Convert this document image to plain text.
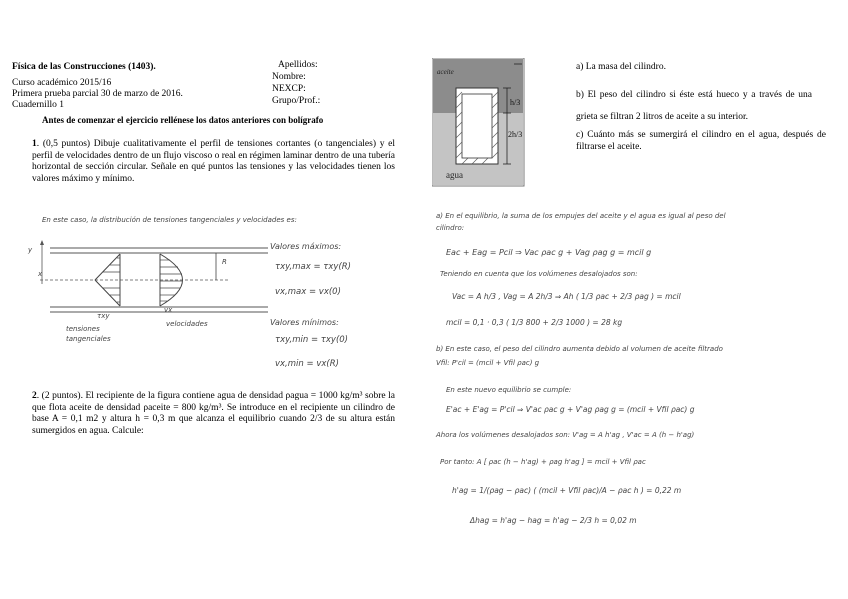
Física de las Construcciones (1403).
Curso académico 2015/16
Primera prueba parcial 30 de marzo de 2016.
Cuadernillo 1
Apellidos:
Nombre:
NEXCP:
Grupo/Prof.:
Antes de comenzar el ejercicio rellénese los datos anteriores con bolígrafo
1. (0,5 puntos) Dibuje cualitativamente el perfil de tensiones cortantes (o tangenciales) y el perfil de velocidades dentro de un flujo viscoso o real en régimen laminar dentro de una tubería horizontal de sección circular. Señale en qué puntos las tensiones y las velocidades tienen los valores máximo y mínimo.
En este caso, la distribución de tensiones tangenciales y velocidades es:
y
x
R
τxy
vx
tensiones tangenciales
velocidades
Valores máximos:
τxy,max = τxy(R)
vx,max = vx(0)
Valores mínimos:
τxy,min = τxy(0)
vx,min = vx(R)
2. (2 puntos). El recipiente de la figura contiene agua de densidad ρagua = 1000 kg/m³ sobre la que flota aceite de densidad ρaceite = 800 kg/m³. Se introduce en el recipiente un cilindro de base A = 0,1 m2 y altura h = 0,3 m que alcanza el equilibrio cuando 2/3 de su altura están sumergidos en agua. Calcule:
aceite
agua
h/3
2h/3
a) La masa del cilindro.
b) El peso del cilindro si éste está hueco y a través de una grieta se filtran 2 litros de aceite a su interior.
c) Cuánto más se sumergirá el cilindro en el agua, después de filtrarse el aceite.
a) En el equilibrio, la suma de los empujes del aceite y el agua es igual al peso del cilindro:
Eac + Eag = Pcil ⇒ Vac ρac g + Vag ρag g = mcil g
Teniendo en cuenta que los volúmenes desalojados son:
Vac = A h/3 , Vag = A 2h/3 ⇒ Ah ( 1/3 ρac + 2/3 ρag ) = mcil
mcil = 0,1 · 0,3 ( 1/3 800 + 2/3 1000 ) = 28 kg
b) En este caso, el peso del cilindro aumenta debido al volumen de aceite filtrado Vfil: P'cil = (mcil + Vfil ρac) g
En este nuevo equilibrio se cumple:
E'ac + E'ag = P'cil ⇒ V'ac ρac g + V'ag ρag g = (mcil + Vfil ρac) g
Ahora los volúmenes desalojados son: V'ag = A h'ag , V'ac = A (h − h'ag)
Por tanto: A [ ρac (h − h'ag) + ρag h'ag ] = mcil + Vfil ρac
h'ag = 1/(ρag − ρac) ( (mcil + Vfil ρac)/A − ρac h ) = 0,22 m
Δhag = h'ag − hag = h'ag − 2/3 h = 0,02 m
